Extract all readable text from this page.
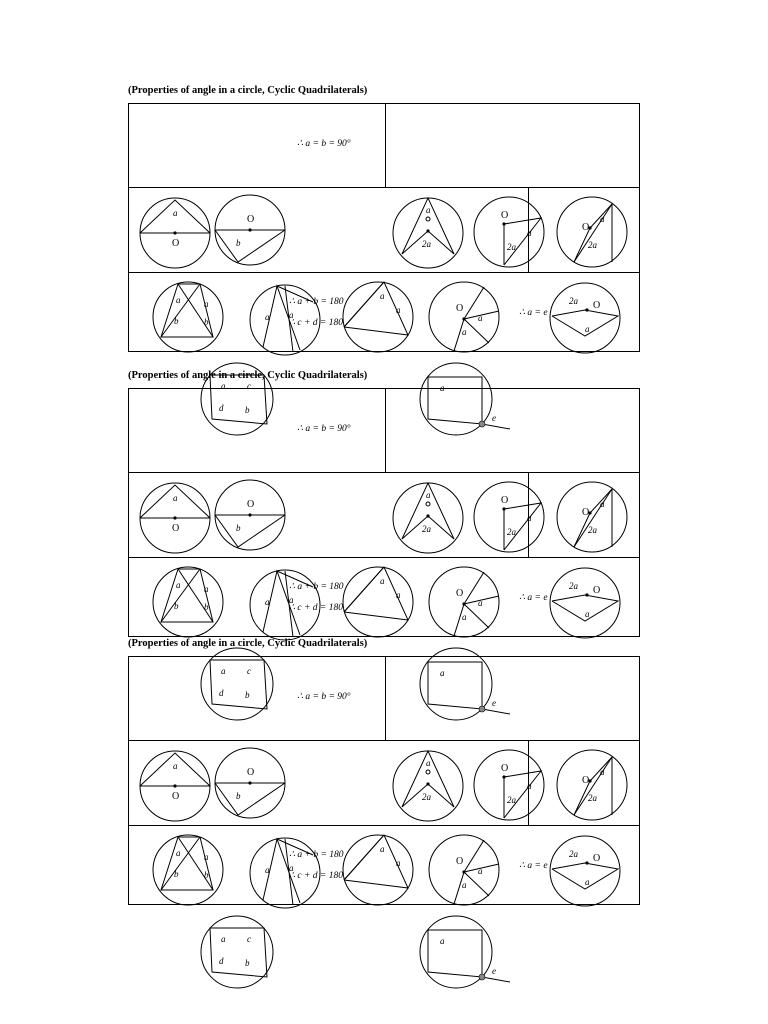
(Properties of angle in a circle, Cyclic Quadrilaterals)
∴ a = b = 90°
∴ a + b = 180
∴ c + d = 180
∴ a = e
a
O
O
b
a
2a
O
a
2a
O
a
2a
a	a
b	b	a a
a
a	O
a
a
2a O
a
a c
d b
a
e
(Properties of angle in a circle, Cyclic Quadrilaterals)
∴ a = b = 90°
∴ a + b = 180
∴ c + d = 180
∴ a = e
a
O
O
b
a
2a
O
a
2a
O
a
2a
a	a
b	b	a a
a
a	O
a
a
2a O
a
a c
d b
a
e
(Properties of angle in a circle, Cyclic Quadrilaterals)
∴ a = b = 90°
∴ a + b = 180
∴ c + d = 180
∴ a = e
a
O
O
b
a
2a
O
a
2a
O
a
2a
a	a
b	b	a a
a
a	O
a
a
2a O
a
a c
d b
a
e
